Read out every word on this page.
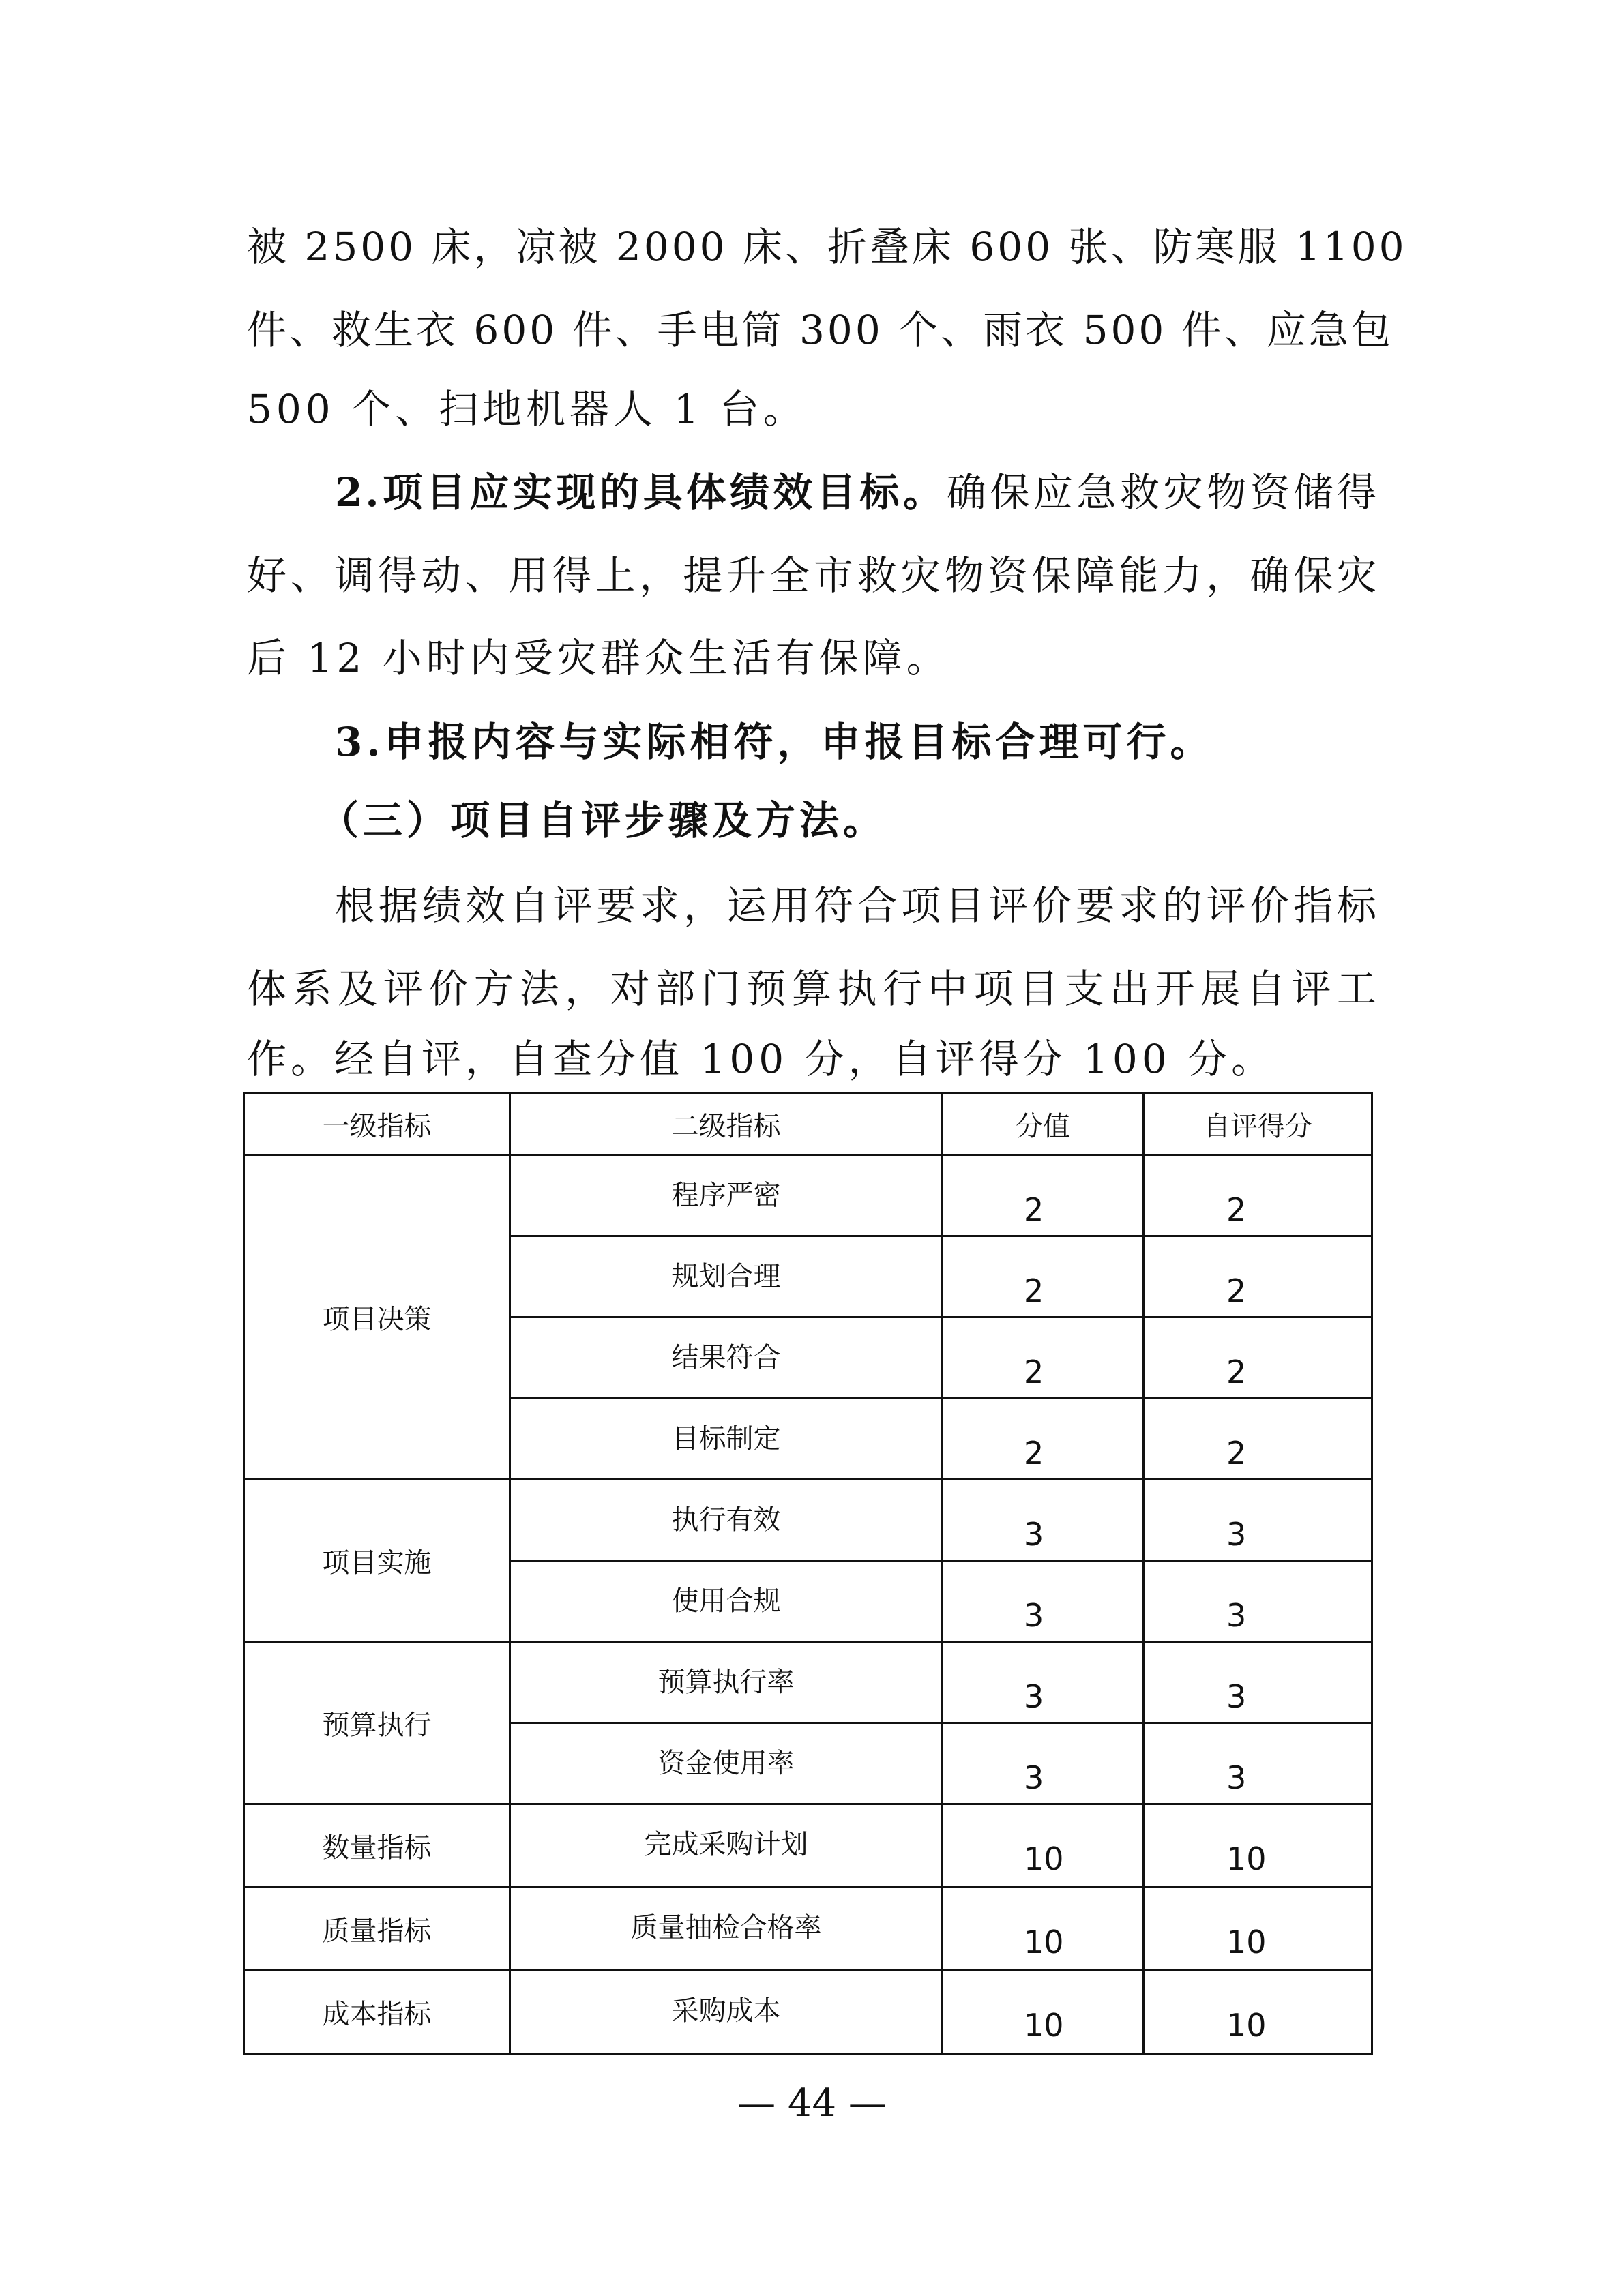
被 2500 床，凉被 2000 床、折叠床 600 张、防寒服 1100
件、救生衣 600 件、手电筒 300 个、雨衣 500 件、应急包
500 个、扫地机器人 1 台。
2.项目应实现的具体绩效目标。确保应急救灾物资储得
好、调得动、用得上，提升全市救灾物资保障能力，确保灾
后 12 小时内受灾群众生活有保障。
3.申报内容与实际相符，申报目标合理可行。
（三）项目自评步骤及方法。
根据绩效自评要求，运用符合项目评价要求的评价指标
体系及评价方法，对部门预算执行中项目支出开展自评工
作。经自评，自查分值 100 分，自评得分 100 分。
一级指标	二级指标	分值	自评得分
项目决策	程序严密	2	2
	规划合理	2	2
	结果符合	2	2
	目标制定	2	2
项目实施	执行有效	3	3
	使用合规	3	3
预算执行	预算执行率	3	3
	资金使用率	3	3
数量指标	完成采购计划	10	10
质量指标	质量抽检合格率	10	10
成本指标	采购成本	10	10
— 44 —
